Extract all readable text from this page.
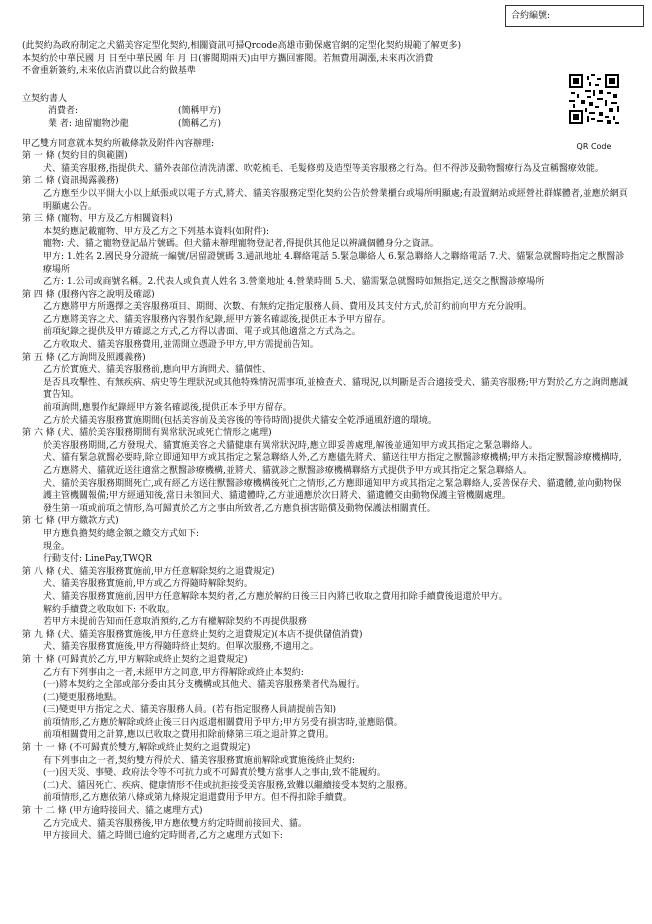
合約編號:
QR Code

(此契約為政府制定之犬貓美容定型化契約,相關資訊可掃Qrcode高雄市動保處官網的定型化契約規範了解更多)

本契約於中華民國 月 日至中華民國 年 月 日(審閱期兩天)由甲方攜回審閱。若無費用調漲,未來再次消費

不會重新簽約,未來依店消費以此合約做基準

立契約書人
消費者:	(簡稱甲方)
業 者: 迪留寵物沙龍	(簡稱乙方)
甲乙雙方同意就本契約所載條款及附件內容辦理:
第 一 條 (契約目的與範圍)
犬、貓美容服務,指提供犬、貓外表部位清洗清潔、吹乾梳毛、毛髮修剪及造型等美容服務之行為。但不得涉及動物醫療行為及宣稱醫療效能。
第 二 條 (資訊揭露義務)
乙方應至少以平開大小以上紙張或以電子方式,將犬、貓美容服務定型化契約公告於營業櫃台或場所明顯處;有設置網站或經營社群媒體者,並應於網頁明顯處公告。
第 三 條 (寵物、甲方及乙方相關資料)
本契約應記載寵物、甲方及乙方之下列基本資料(如附件):
寵物: 犬、貓之寵物登記晶片號碼。但犬貓未辦理寵物登記者,得提供其他足以辨識個體身分之資訊。
甲方: 1.姓名 2.國民身分證統一編號/居留證號碼 3.通訊地址 4.聯絡電話 5.緊急聯絡人 6.緊急聯絡人之聯絡電話 7.犬、貓緊急就醫時指定之獸醫診療場所
乙方: 1.公司或商號名稱。2.代表人或負責人姓名 3.營業地址 4.營業時間 5.犬、貓需緊急就醫時如無指定,送交之獸醫診療場所
第 四 條 (服務內容之說明及確認)
乙方應將甲方所選擇之美容服務項目、期間、次數、有無約定指定服務人員、費用及其支付方式,於訂約前向甲方充分說明。
乙方應將美容之犬、貓美容服務內容製作紀錄,經甲方簽名確認後,提供正本予甲方留存。
前項紀錄之提供及甲方確認之方式,乙方得以書面、電子或其他適當之方式為之。
乙方收取犬、貓美容服務費用,並需開立憑證予甲方,甲方需提前告知。
第 五 條 (乙方詢問及照護義務)
乙方於實施犬、貓美容服務前,應向甲方詢問犬、貓個性、
是否具攻擊性、有無疾病、病史等生理狀況或其他特殊情況需事項,並檢查犬、貓現況,以判斷是否合適接受犬、貓美容服務;甲方對於乙方之詢問應誠實告知。
前項詢問,應製作紀錄經甲方簽名確認後,提供正本予甲方留存。
乙方於犬貓美容服務實施期間(包括美容前及美容後的等待時間)提供犬貓安全乾淨通風舒適的環境。
第 六 條 (犬、貓於美容服務期間有異常狀況或死亡情形之處理)
於美容服務期間,乙方發現犬、貓實施美容之犬貓健康有異常狀況時,應立即妥善處理,解後並通知甲方或其指定之緊急聯絡人。
犬、貓有緊急就醫必要時,除立即通知甲方或其指定之緊急聯絡人外,乙方應儘先將犬、貓送往甲方指定之獸醫診療機構;甲方未指定獸醫診療機構時,乙方應將犬、貓就近送往適當之獸醫診療機構,並將犬、貓就診之獸醫診療機構聯絡方式提供予甲方或其指定之緊急聯絡人。
犬、貓於美容服務期間死亡,或有經乙方送往獸醫診療機構後死亡之情形,乙方應即通知甲方或其指定之緊急聯絡人,妥善保存犬、貓遺體,並向動物保護主管機關報備;甲方經通知後,當日未領回犬、貓遺體時,乙方並通應於次日將犬、貓遺體交由動物保護主管機關處理。
發生第一項或前項之情形,為可歸責於乙方之事由所致者,乙方應負損害賠償及動物保護法相關責任。
第 七 條 (甲方繳款方式)
甲方應負擔契約總金額之繳交方式如下:
現金。
行動支付: LinePay,TWQR
第 八 條 (犬、貓美容服務實施前,甲方任意解除契約之退費規定)
犬、貓美容服務實施前,甲方或乙方得隨時解除契約。
犬、貓美容服務實施前,因甲方任意解除本契約者,乙方應於解約日後三日內將已收取之費用扣除手續費後退還於甲方。
解約手續費之收取如下: 不收取。
若甲方未提前告知而任意取消預約,乙方有權解除契約不再提供服務
第 九 條 (犬、貓美容服務實施後,甲方任意終止契約之退費規定)(本店不提供儲值消費)
犬、貓美容服務實施後,甲方得隨時終止契約。但單次服務,不適用之。
第 十 條 (可歸責於乙方,甲方解除或終止契約之退費規定)
乙方有下列事由之一者,未經甲方之同意,甲方得解除或終止本契約:
(一)將本契約之全部或部分委由其分支機構或其他犬、貓美容服務業者代為履行。
(二)變更服務地點。
(三)變更甲方指定之犬、貓美容服務人員。(若有指定服務人員請提前告知)
前項情形,乙方應於解除或終止後三日內返還相關費用予甲方;甲方另受有損害時,並應賠償。
前項相關費用之計算,應以已收取之費用扣除前條第三項之退計算之費用。
第 十 一 條 (不可歸責於雙方,解除或終止契約之退費規定)
有下列事由之一者,契約雙方得於犬、貓美容服務實施前解除或實施後終止契約:
(一)因天災、事變、政府法令等不可抗力或不可歸責於雙方當事人之事由,致不能履約。
(二)犬、貓因死亡、疾病、健康情形不佳或抗拒接受美容服務,致難以繼續接受本契約之服務。
前項情形,乙方應依第八條或第九條規定退還費用予甲方。但不得扣除手續費。
第 十 二 條 (甲方逾時接回犬、貓之處理方式)
乙方完成犬、貓美容服務後,甲方應依雙方約定時間前接回犬、貓。
甲方接回犬、貓之時間已逾約定時間者,乙方之處理方式如下:
